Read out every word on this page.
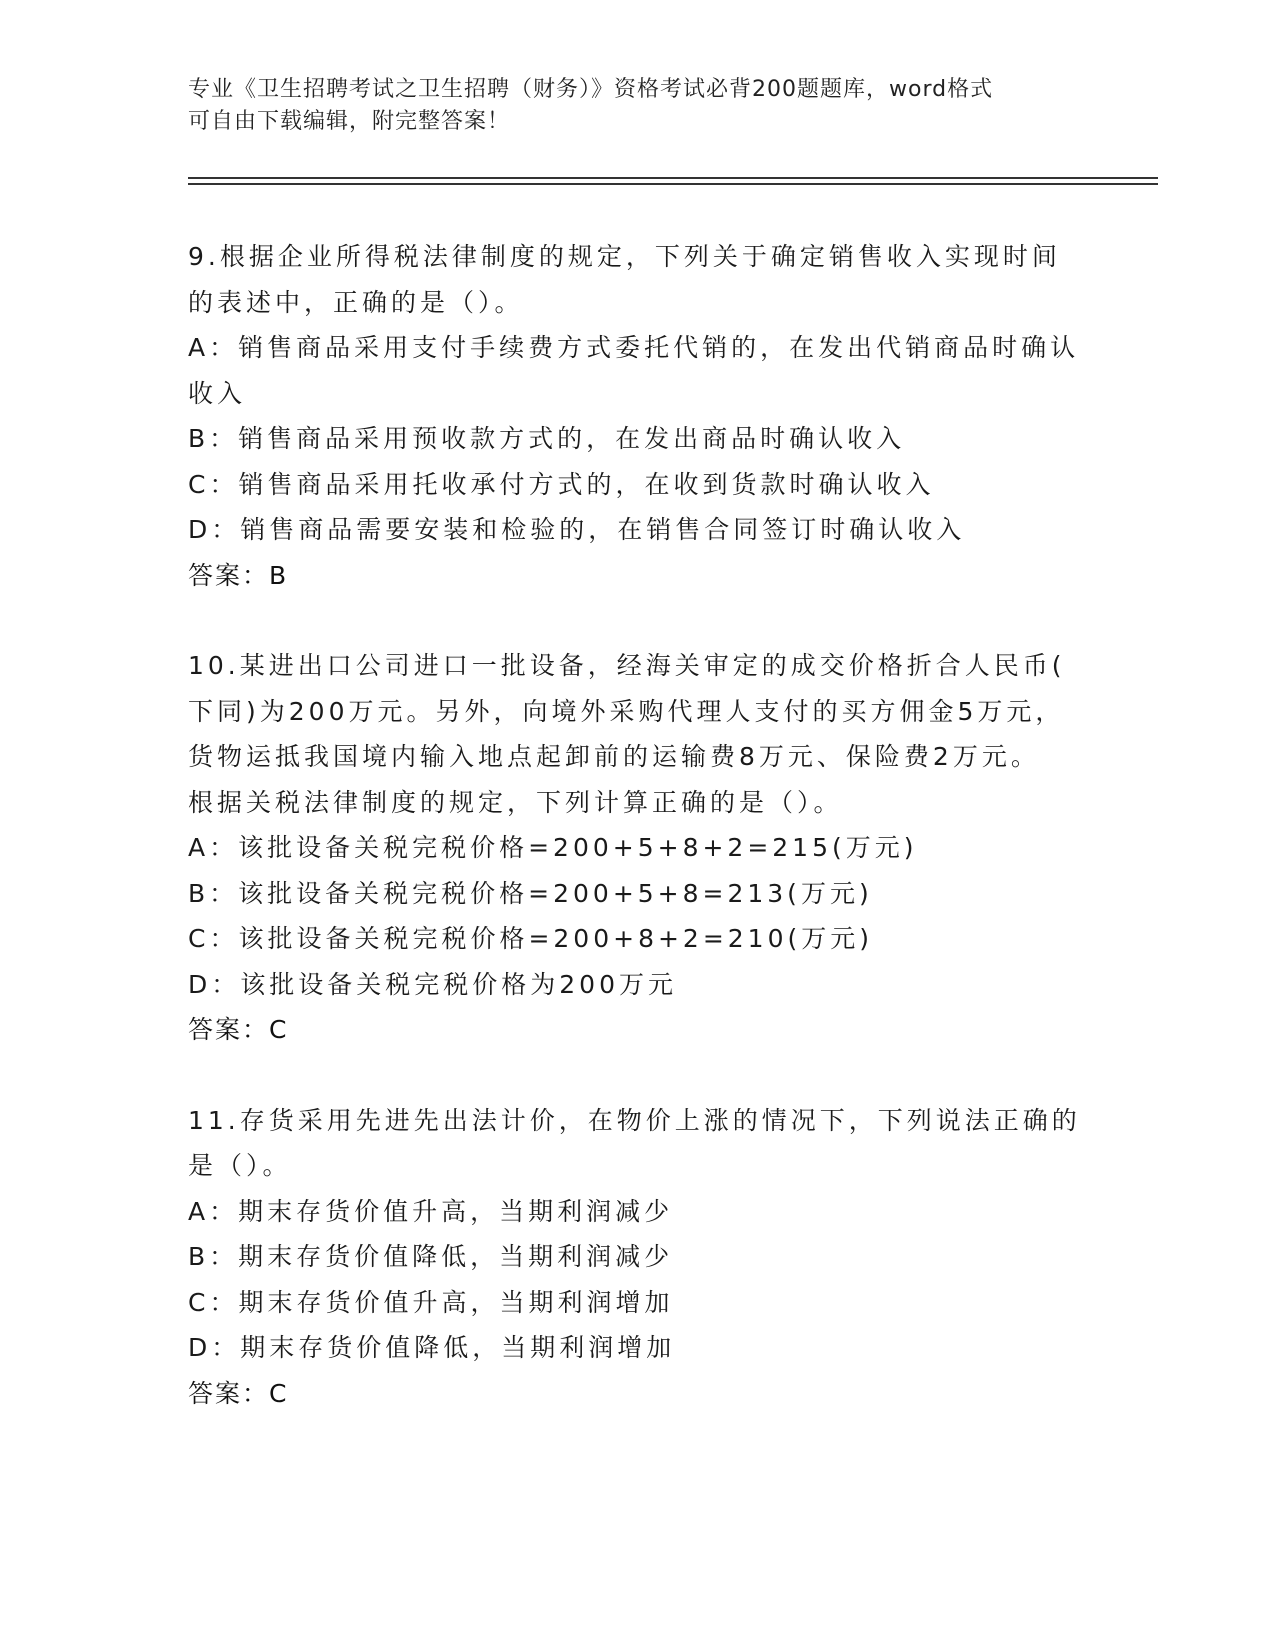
专业《卫生招聘考试之卫生招聘（财务）》资格考试必背200题题库，word格式
可自由下载编辑，附完整答案！
9.根据企业所得税法律制度的规定，下列关于确定销售收入实现时间
的表述中，正确的是（）。
A：销售商品采用支付手续费方式委托代销的，在发出代销商品时确认
收入
B：销售商品采用预收款方式的，在发出商品时确认收入
C：销售商品采用托收承付方式的，在收到货款时确认收入
D：销售商品需要安装和检验的，在销售合同签订时确认收入
答案：B
10.某进出口公司进口一批设备，经海关审定的成交价格折合人民币(
下同)为200万元。另外，向境外采购代理人支付的买方佣金5万元，
货物运抵我国境内输入地点起卸前的运输费8万元、保险费2万元。
根据关税法律制度的规定，下列计算正确的是（）。
A：该批设备关税完税价格=200+5+8+2=215(万元)
B：该批设备关税完税价格=200+5+8=213(万元)
C：该批设备关税完税价格=200+8+2=210(万元)
D：该批设备关税完税价格为200万元
答案：C
11.存货采用先进先出法计价，在物价上涨的情况下，下列说法正确的
是（）。
A：期末存货价值升高，当期利润减少
B：期末存货价值降低，当期利润减少
C：期末存货价值升高，当期利润增加
D：期末存货价值降低，当期利润增加
答案：C
